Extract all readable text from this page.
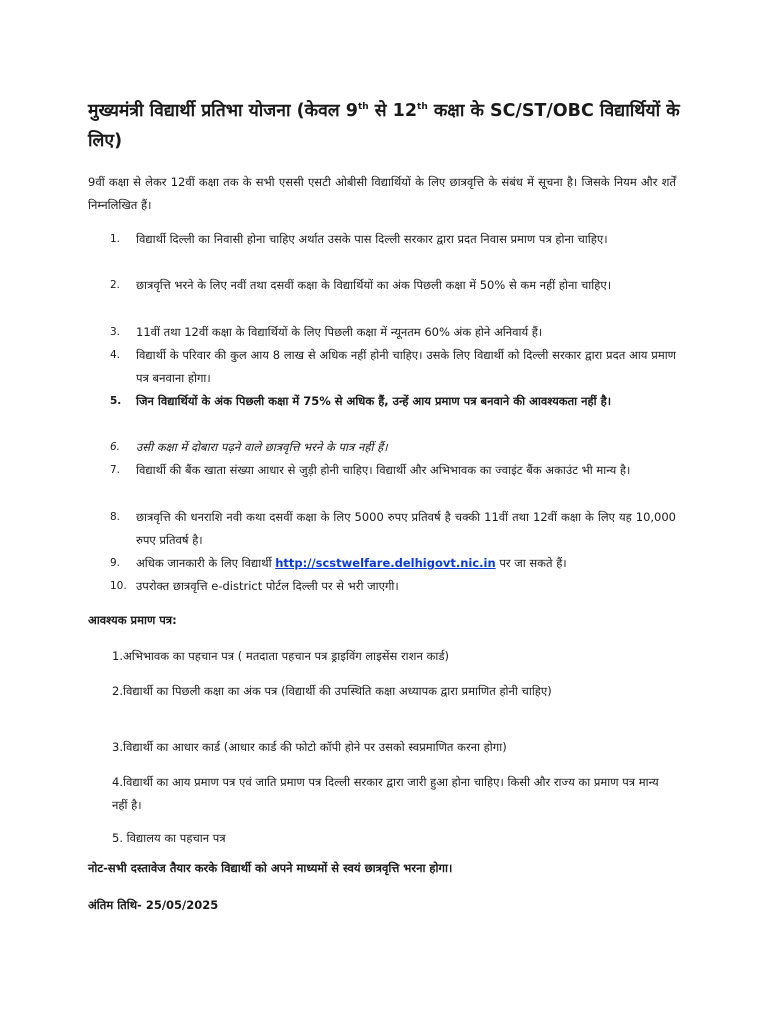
मुख्यमंत्री विद्यार्थी प्रतिभा योजना (केवल 9th से 12th कक्षा के SC/ST/OBC विद्यार्थियों के लिए)

9वीं कक्षा से लेकर 12वीं कक्षा तक के सभी एससी एसटी ओबीसी विद्यार्थियों के लिए छात्रवृत्ति के संबंध में सूचना है। जिसके नियम और शर्तें निम्नलिखित हैं।

1. विद्यार्थी दिल्ली का निवासी होना चाहिए अर्थात उसके पास दिल्ली सरकार द्वारा प्रदत निवास प्रमाण पत्र होना चाहिए।
2. छात्रवृत्ति भरने के लिए नवीं तथा दसवीं कक्षा के विद्यार्थियों का अंक पिछली कक्षा में 50% से कम नहीं होना चाहिए।
3. 11वीं तथा 12वीं कक्षा के विद्यार्थियों के लिए पिछली कक्षा में न्यूनतम 60% अंक होने अनिवार्य हैं।
4. विद्यार्थी के परिवार की कुल आय 8 लाख से अधिक नहीं होनी चाहिए। उसके लिए विद्यार्थी को दिल्ली सरकार द्वारा प्रदत आय प्रमाण पत्र बनवाना होगा।
5. जिन विद्यार्थियों के अंक पिछली कक्षा में 75% से अधिक हैं, उन्हें आय प्रमाण पत्र बनवाने की आवश्यकता नहीं है।
6. उसी कक्षा में दोबारा पढ़ने वाले छात्रवृत्ति भरने के पात्र नहीं हैं।
7. विद्यार्थी की बैंक खाता संख्या आधार से जुड़ी होनी चाहिए। विद्यार्थी और अभिभावक का ज्वाइंट बैंक अकाउंट भी मान्य है।
8. छात्रवृत्ति की धनराशि नवी कथा दसवीं कक्षा के लिए 5000 रुपए प्रतिवर्ष है चक्की 11वीं तथा 12वीं कक्षा के लिए यह 10,000 रुपए प्रतिवर्ष है।
9. अधिक जानकारी के लिए विद्यार्थी http://scstwelfare.delhigovt.nic.in पर जा सकते हैं।
10. उपरोक्त छात्रवृत्ति e-district पोर्टल दिल्ली पर से भरी जाएगी।

आवश्यक प्रमाण पत्र:

1.अभिभावक का पहचान पत्र ( मतदाता पहचान पत्र ड्राइविंग लाइसेंस राशन कार्ड)

2.विद्यार्थी का पिछली कक्षा का अंक पत्र (विद्यार्थी की उपस्थिति कक्षा अध्यापक द्वारा प्रमाणित होनी चाहिए)

3.विद्यार्थी का आधार कार्ड (आधार कार्ड की फोटो कॉपी होने पर उसको स्वप्रमाणित करना होगा)

4.विद्यार्थी का आय प्रमाण पत्र एवं जाति प्रमाण पत्र दिल्ली सरकार द्वारा जारी हुआ होना चाहिए। किसी और राज्य का प्रमाण पत्र मान्य नहीं है।

5. विद्यालय का पहचान पत्र

नोट-सभी दस्तावेज तैयार करके विद्यार्थी को अपने माध्यमों से स्वयं छात्रवृत्ति भरना होगा।

अंतिम तिथि- 25/05/2025
